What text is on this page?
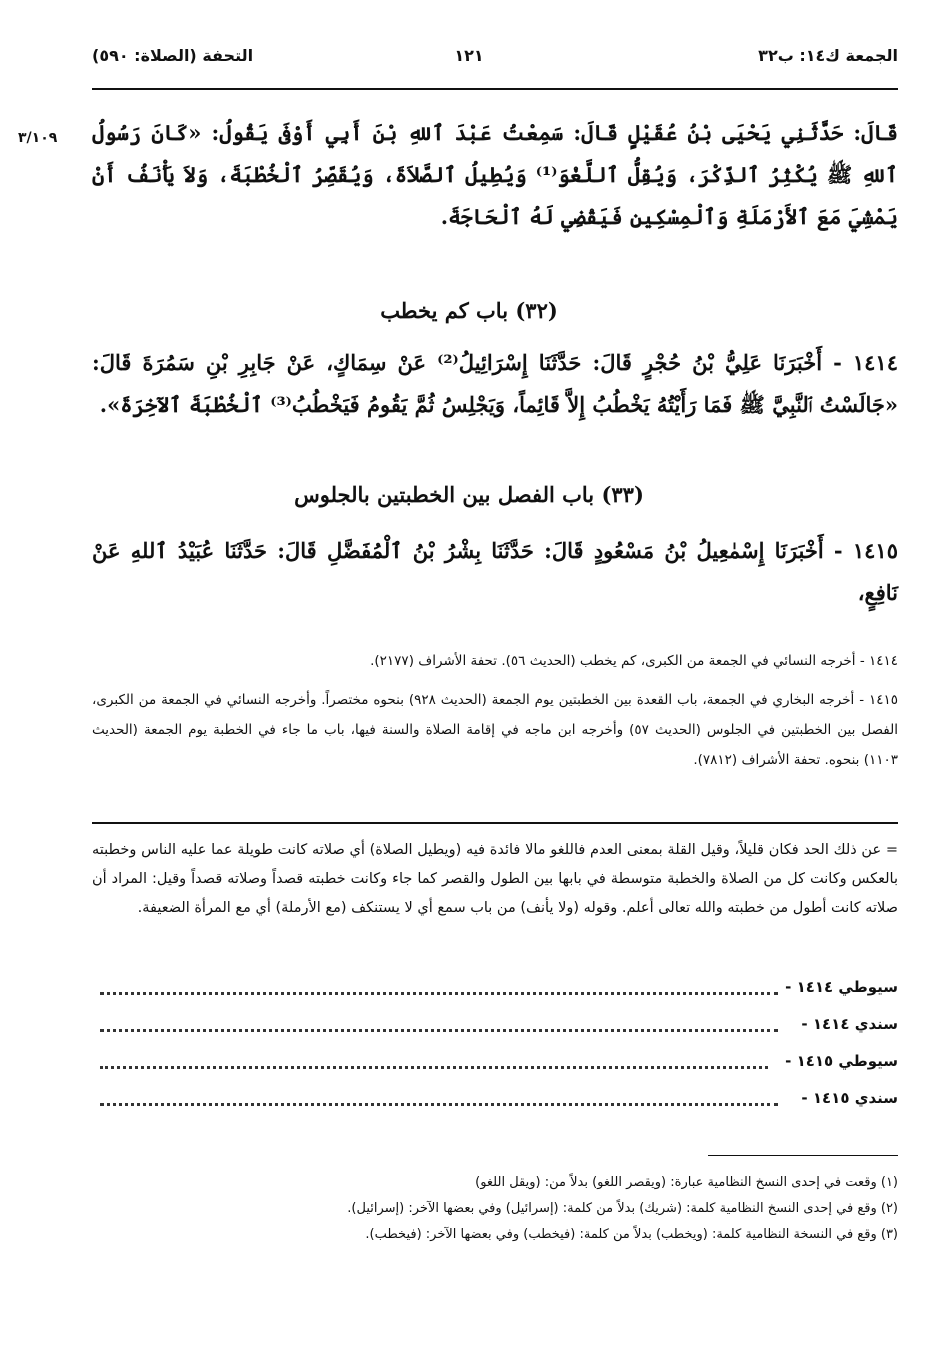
الجمعة ك١٤: ب٣٢
١٢١
التحفة (الصلاة: ٥٩٠)
٣/١٠٩ قَالَ: حَدَّثَنِي يَحْيَى بْنُ عُقَيْلٍ قَالَ: سَمِعْتُ عَبْدَ ٱللهِ بْنَ أَبِي أَوْفَى يَقُولُ: «كَانَ رَسُولُ ٱللهِ ﷺ يُكْثِرُ ٱلذِّكْرَ، وَيُقِلُّ ٱللَّغْوَ⁽¹⁾ وَيُطِيلُ ٱلصَّلاَةَ، وَيُقَصِّرُ ٱلْخُطْبَةَ، وَلاَ يَأْنَفُ أَنْ يَمْشِيَ مَعَ ٱلأَرْمَلَةِ وَٱلْمِسْكِينِ فَيَقْضِي لَهُ ٱلْحَاجَةَ.
(٣٢) باب كم يخطب
١٤١٤ - أَخْبَرَنَا عَلِيُّ بْنُ حُجْرٍ قَالَ: حَدَّثَنَا إِسْرَائِيلُ⁽²⁾ عَنْ سِمَاكٍ، عَنْ جَابِرِ بْنِ سَمُرَةَ قَالَ: «جَالَسْتُ ٱلنَّبِيَّ ﷺ فَمَا رَأَيْتُهُ يَخْطُبُ إِلاَّ قَائِماً، وَيَجْلِسُ ثُمَّ يَقُومُ فَيَخْطُبُ⁽³⁾ ٱلْخُطْبَةَ ٱلآخِرَةَ».
(٣٣) باب الفصل بين الخطبتين بالجلوس
١٤١٥ - أَخْبَرَنَا إِسْمٰعِيلُ بْنُ مَسْعُودٍ قَالَ: حَدَّثَنَا بِشْرُ بْنُ ٱلْمُفَضَّلِ قَالَ: حَدَّثَنَا عُبَيْدُ ٱللهِ عَنْ نَافِعٍ،
١٤١٤ - أخرجه النسائي في الجمعة من الكبرى، كم يخطب (الحديث ٥٦). تحفة الأشراف (٢١٧٧).
١٤١٥ - أخرجه البخاري في الجمعة، باب القعدة بين الخطبتين يوم الجمعة (الحديث ٩٢٨) بنحوه مختصراً. وأخرجه النسائي في الجمعة من الكبرى، الفصل بين الخطبتين في الجلوس (الحديث ٥٧) وأخرجه ابن ماجه في إقامة الصلاة والسنة فيها، باب ما جاء في الخطبة يوم الجمعة (الحديث ١١٠٣) بنحوه. تحفة الأشراف (٧٨١٢).
= عن ذلك الحد فكان قليلاً، وقيل القلة بمعنى العدم فاللغو مالا فائدة فيه (ويطيل الصلاة) أي صلاته كانت طويلة عما عليه الناس وخطبته بالعكس وكانت كل من الصلاة والخطبة متوسطة في بابها بين الطول والقصر كما جاء وكانت خطبته قصداً وصلاته قصداً وقيل: المراد أن صلاته كانت أطول من خطبته والله تعالى أعلم. وقوله (ولا يأنف) من باب سمع أي لا يستنكف (مع الأرملة) أي مع المرأة الضعيفة.
سيوطي ١٤١٤ -
سندي ١٤١٤ -
سيوطي ١٤١٥ -
سندي ١٤١٥ -
(١) وقعت في إحدى النسخ النظامية عبارة: (ويقصر اللغو) بدلاً من: (ويقل اللغو)
(٢) وقع في إحدى النسخ النظامية كلمة: (شريك) بدلاً من كلمة: (إسرائيل) وفي بعضها الآخر: (إسرائيل).
(٣) وقع في النسخة النظامية كلمة: (ويخطب) بدلاً من كلمة: (فيخطب) وفي بعضها الآخر: (فيخطب).
